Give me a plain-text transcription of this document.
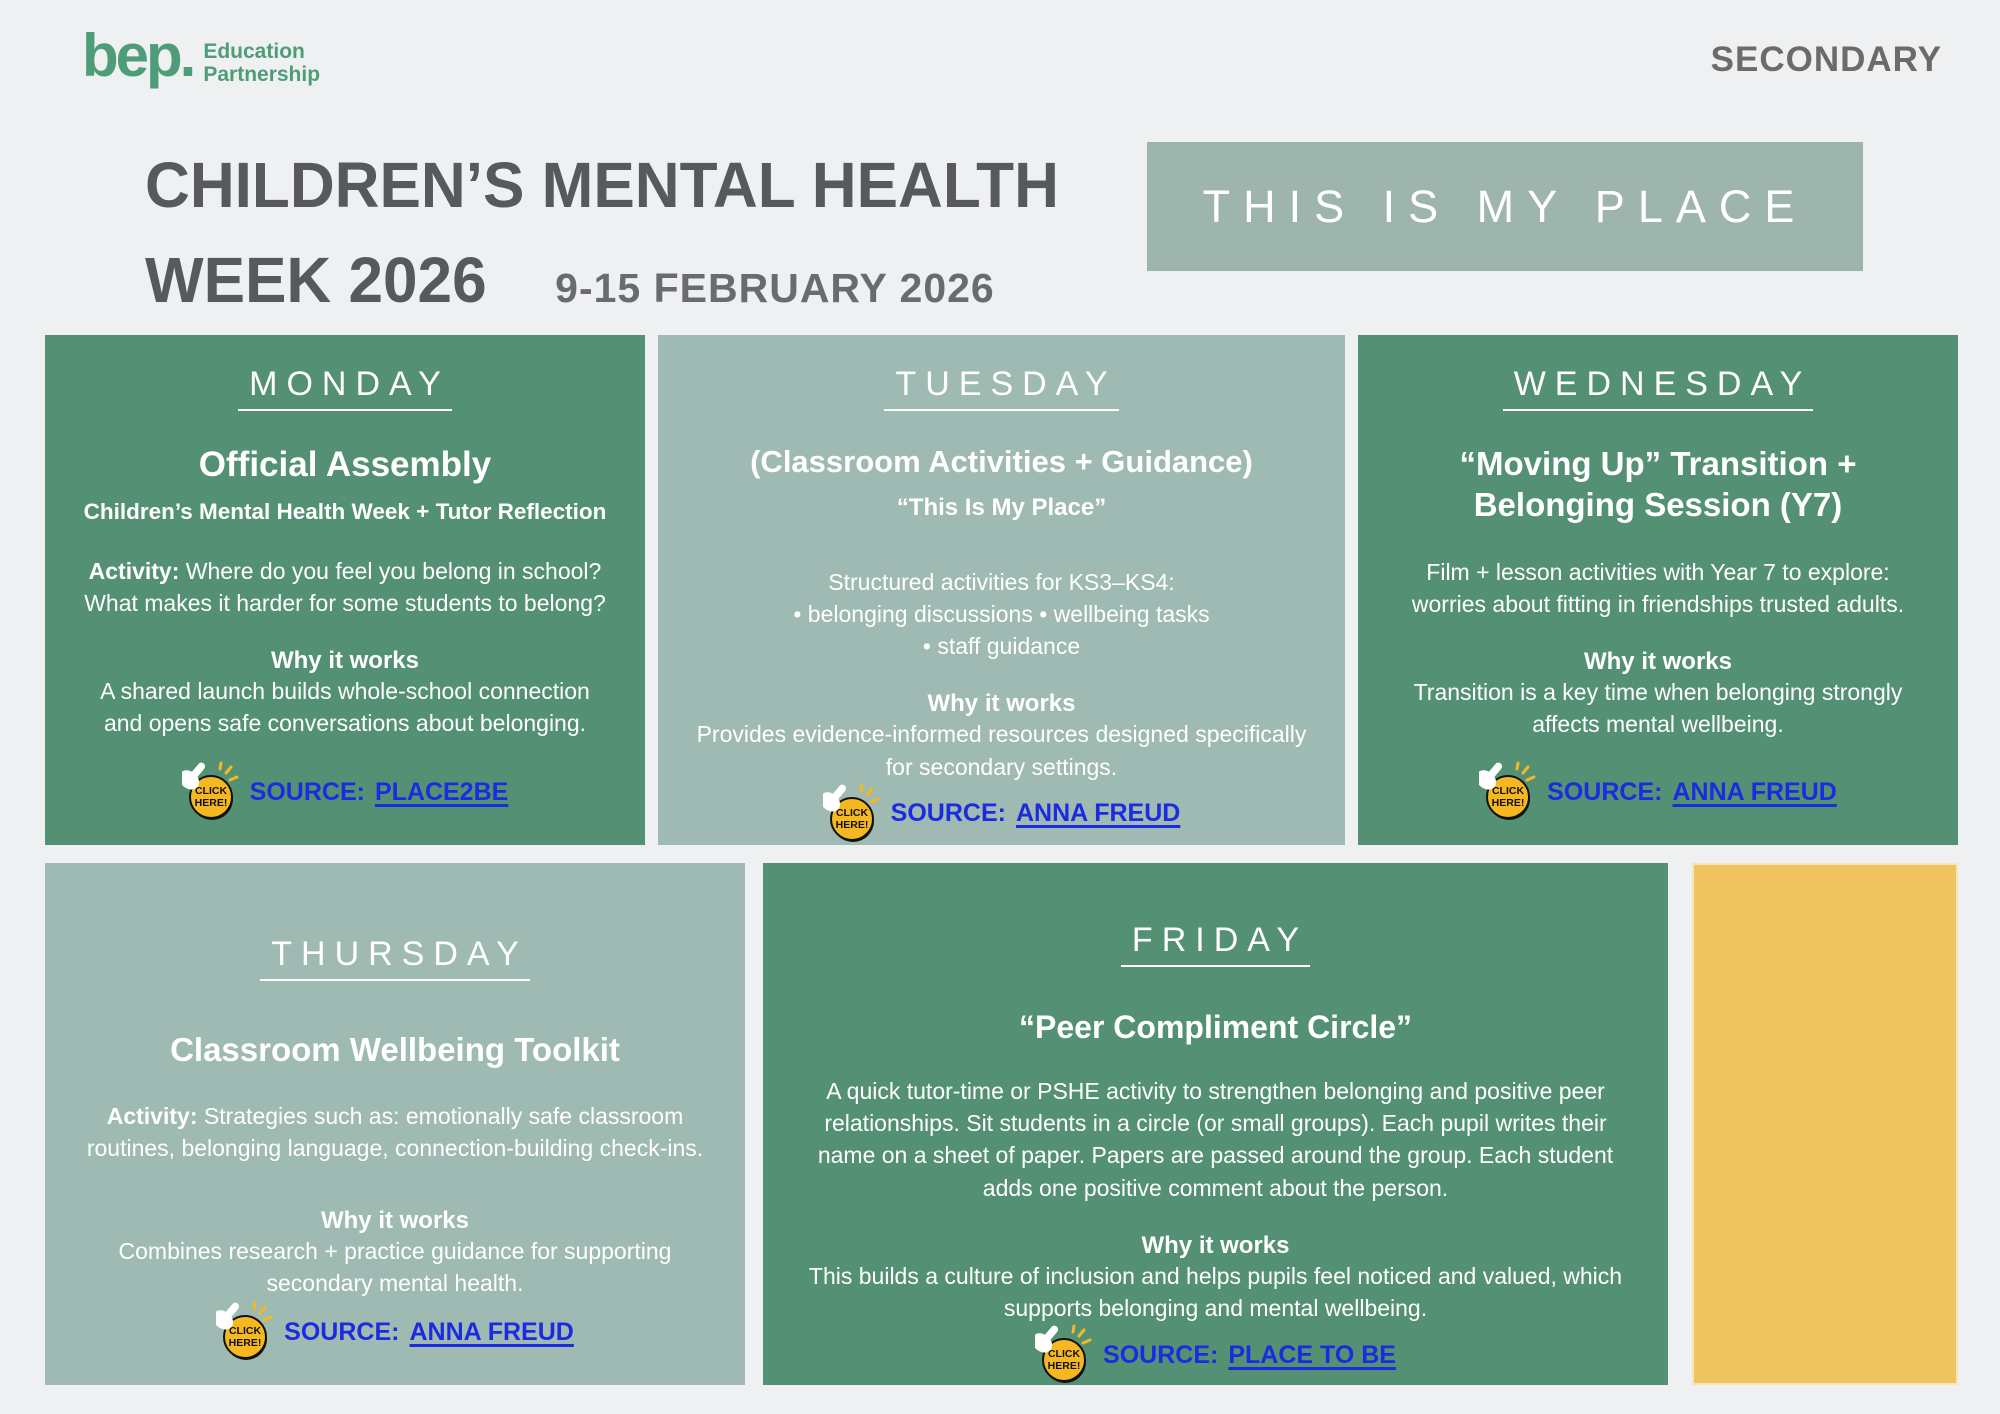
bep. Education
Partnership	SECONDARY
CHILDREN’S MENTAL HEALTH
WEEK 2026 9-15 FEBRUARY 2026
THIS IS MY PLACE
MONDAY
Official Assembly
Children’s Mental Health Week + Tutor Reflection
Activity: Where do you feel you belong in school? What makes it harder for some students to belong?
Why it works
A shared launch builds whole-school connection and opens safe conversations about belonging.
CLICK
HERE! SOURCE: PLACE2BE
TUESDAY
(Classroom Activities + Guidance)
“This Is My Place”
Structured activities for KS3–KS4:
• belonging discussions • wellbeing tasks
• staff guidance
Why it works
Provides evidence-informed resources designed specifically for secondary settings.
CLICK
HERE! SOURCE: ANNA FREUD
WEDNESDAY
“Moving Up” Transition + Belonging Session (Y7)
Film + lesson activities with Year 7 to explore: worries about fitting in friendships trusted adults.
Why it works
Transition is a key time when belonging strongly affects mental wellbeing.
CLICK
HERE! SOURCE: ANNA FREUD
THURSDAY
Classroom Wellbeing Toolkit
Activity: Strategies such as: emotionally safe classroom routines, belonging language, connection-building check-ins.
Why it works
Combines research + practice guidance for supporting secondary mental health.
CLICK
HERE! SOURCE: ANNA FREUD
FRIDAY
“Peer Compliment Circle”
A quick tutor-time or PSHE activity to strengthen belonging and positive peer relationships. Sit students in a circle (or small groups). Each pupil writes their name on a sheet of paper. Papers are passed around the group. Each student adds one positive comment about the person.
Why it works
This builds a culture of inclusion and helps pupils feel noticed and valued, which supports belonging and mental wellbeing.
CLICK
HERE! SOURCE: PLACE TO BE
